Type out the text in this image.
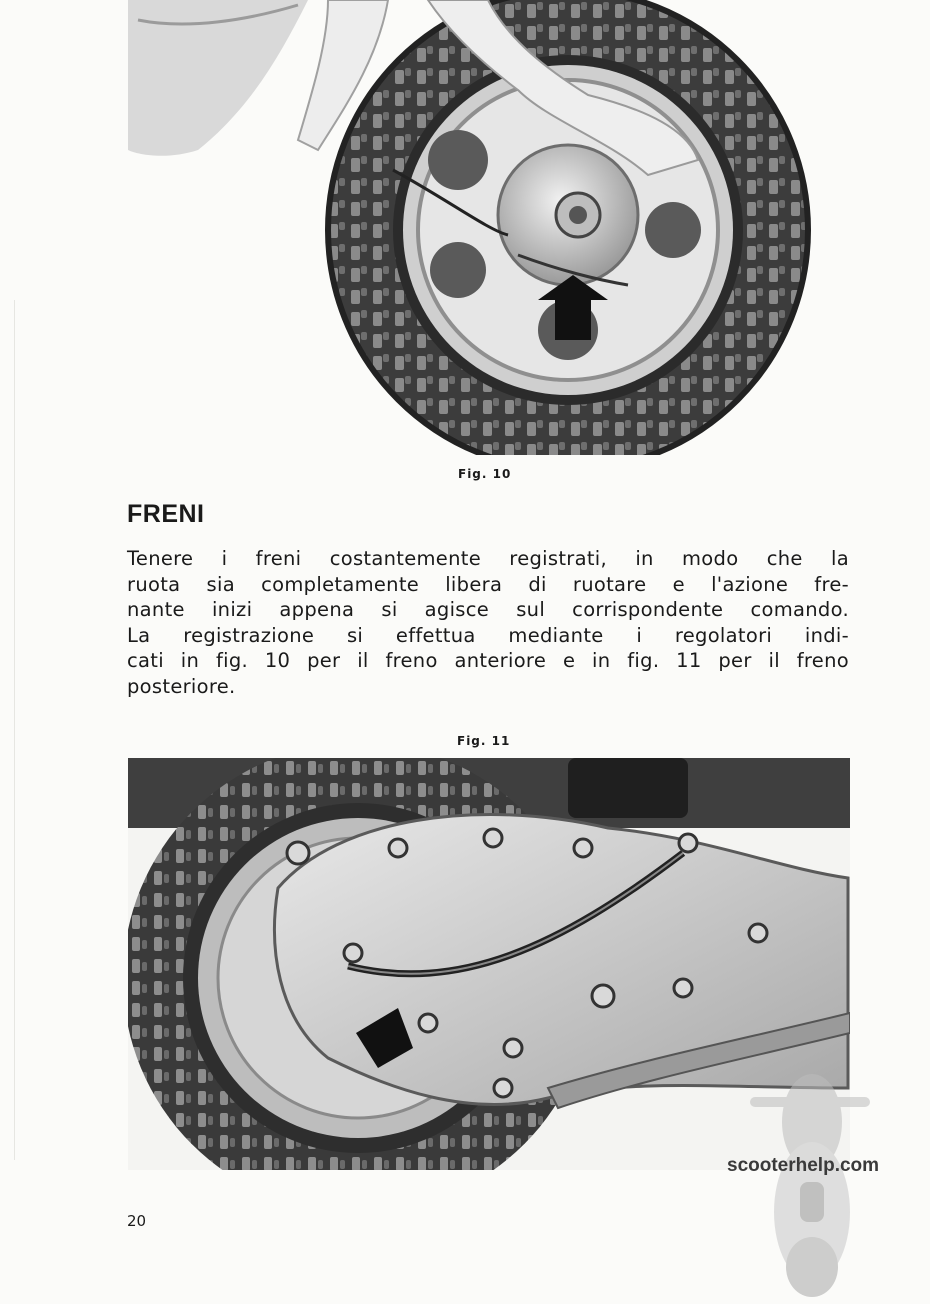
Fig. 10
FRENI
Tenere i freni costantemente registrati, in modo che la
ruota sia completamente libera di ruotare e l'azione fre-
nante inizi appena si agisce sul corrispondente comando.
La registrazione si effettua mediante i regolatori indi-
cati in fig. 10 per il freno anteriore e in fig. 11 per il freno
posteriore.
Fig. 11
scooterhelp.com
20
